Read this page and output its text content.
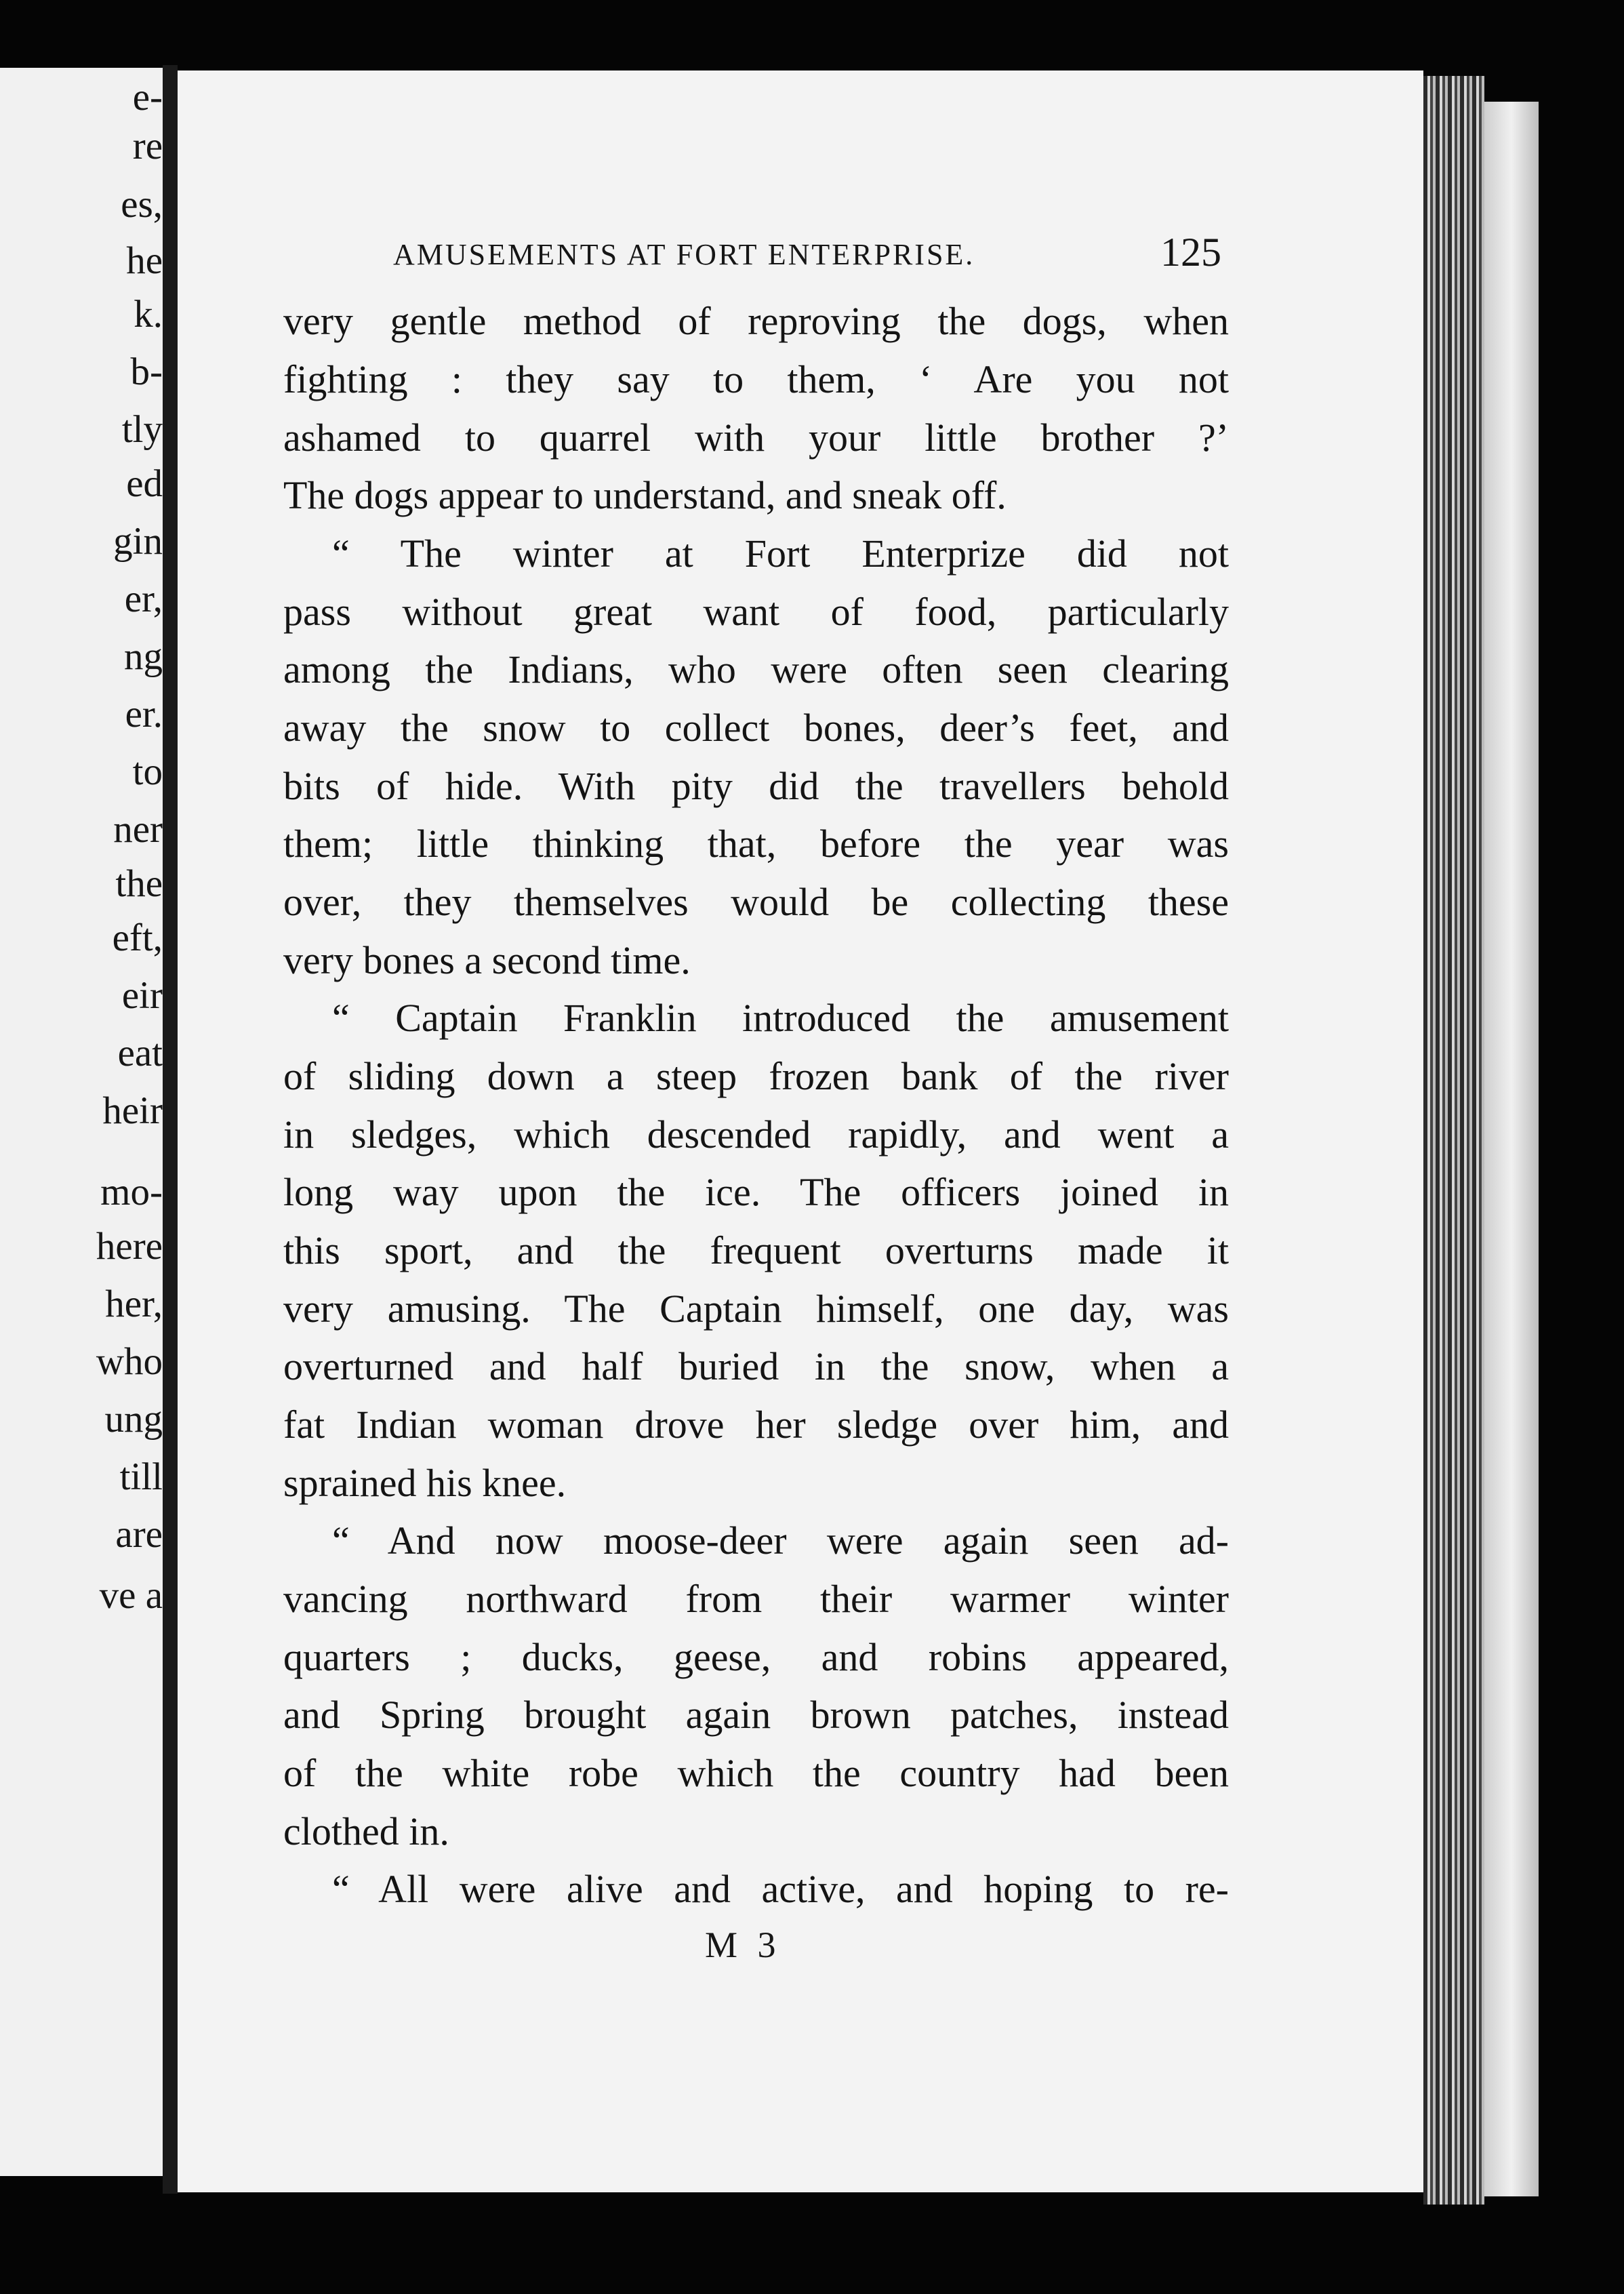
e-
re
es,
he
k.
b-
tly
ed
gin
er,
ng
er.
to
ner
the
eft,
eir
eat
heir
mo-
here
her,
who
ung
till
are
ve a
AMUSEMENTS AT FORT ENTERPRISE.	125
very gentle method of reproving the dogs, when
fighting : they say to them, ‘ Are you not
ashamed to quarrel with your little brother ?’
The dogs appear to understand, and sneak off.
“ The winter at Fort Enterprize did not
pass without great want of food, particularly
among the Indians, who were often seen clearing
away the snow to collect bones, deer’s feet, and
bits of hide. With pity did the travellers behold
them; little thinking that, before the year was
over, they themselves would be collecting these
very bones a second time.
“ Captain Franklin introduced the amusement
of sliding down a steep frozen bank of the river
in sledges, which descended rapidly, and went a
long way upon the ice. The officers joined in
this sport, and the frequent overturns made it
very amusing. The Captain himself, one day, was
overturned and half buried in the snow, when a
fat Indian woman drove her sledge over him, and
sprained his knee.
“ And now moose-deer were again seen ad-
vancing northward from their warmer winter
quarters ; ducks, geese, and robins appeared,
and Spring brought again brown patches, instead
of the white robe which the country had been
clothed in.
“ All were alive and active, and hoping to re-
M 3
